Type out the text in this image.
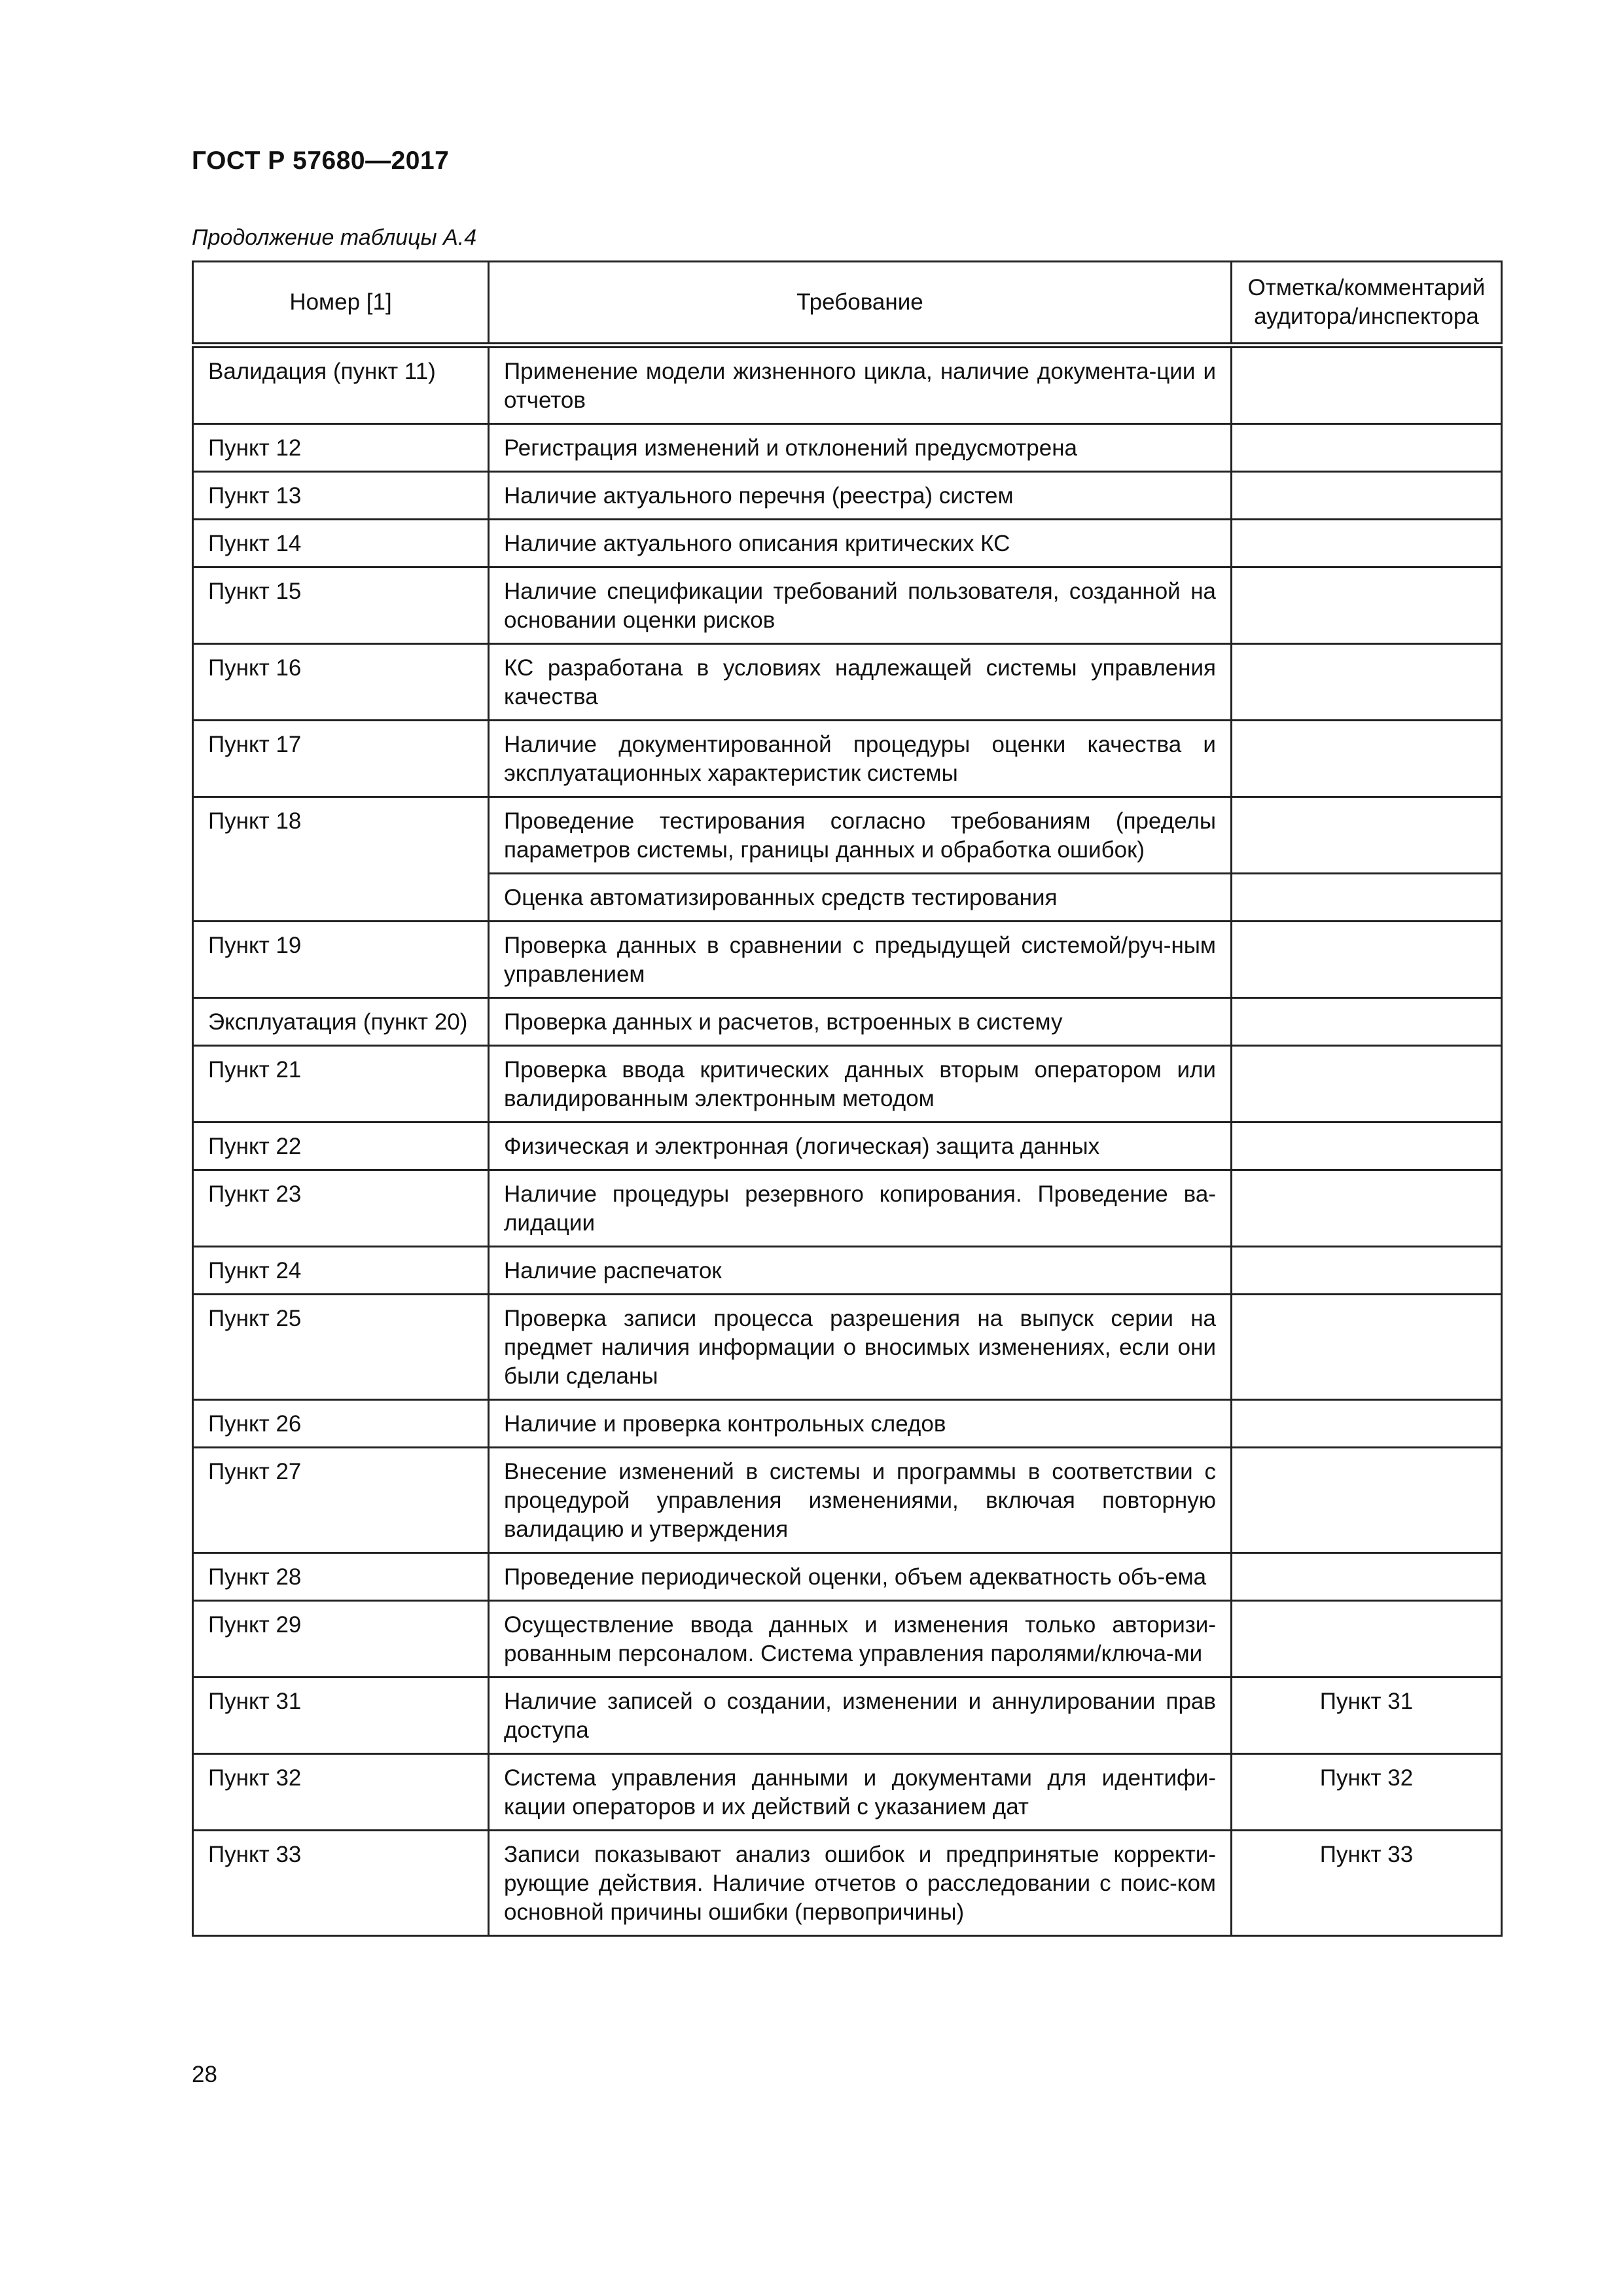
ГОСТ Р 57680—2017
Продолжение таблицы А.4
Номер [1]	Требование	Отметка/комментарий аудитора/инспектора
Валидация (пункт 11)	Применение модели жизненного цикла, наличие документа-ции и отчетов	
Пункт 12	Регистрация изменений и отклонений предусмотрена	
Пункт 13	Наличие актуального перечня (реестра) систем	
Пункт 14	Наличие актуального описания критических КС	
Пункт 15	Наличие спецификации требований пользователя, созданной на основании оценки рисков	
Пункт 16	КС разработана в условиях надлежащей системы управления качества	
Пункт 17	Наличие документированной процедуры оценки качества и эксплуатационных характеристик системы	
Пункт 18	Проведение тестирования согласно требованиям (пределы параметров системы, границы данных и обработка ошибок)	
	Оценка автоматизированных средств тестирования	
Пункт 19	Проверка данных в сравнении с предыдущей системой/руч-ным управлением	
Эксплуатация (пункт 20)	Проверка данных и расчетов, встроенных в систему	
Пункт 21	Проверка ввода критических данных вторым оператором или валидированным электронным методом	
Пункт 22	Физическая и электронная (логическая) защита данных	
Пункт 23	Наличие процедуры резервного копирования. Проведение ва-лидации	
Пункт 24	Наличие распечаток	
Пункт 25	Проверка записи процесса разрешения на выпуск серии на предмет наличия информации о вносимых изменениях, если они были сделаны	
Пункт 26	Наличие и проверка контрольных следов	
Пункт 27	Внесение изменений в системы и программы в соответствии с процедурой управления изменениями, включая повторную валидацию и утверждения	
Пункт 28	Проведение периодической оценки, объем адекватность объ-ема	
Пункт 29	Осуществление ввода данных и изменения только авторизи-рованным персоналом. Система управления паролями/ключа-ми	
Пункт 31	Наличие записей о создании, изменении и аннулировании прав доступа	Пункт 31
Пункт 32	Система управления данными и документами для идентифи-кации операторов и их действий с указанием дат	Пункт 32
Пункт 33	Записи показывают анализ ошибок и предпринятые корректи-рующие действия. Наличие отчетов о расследовании с поис-ком основной причины ошибки (первопричины)	Пункт 33
28
